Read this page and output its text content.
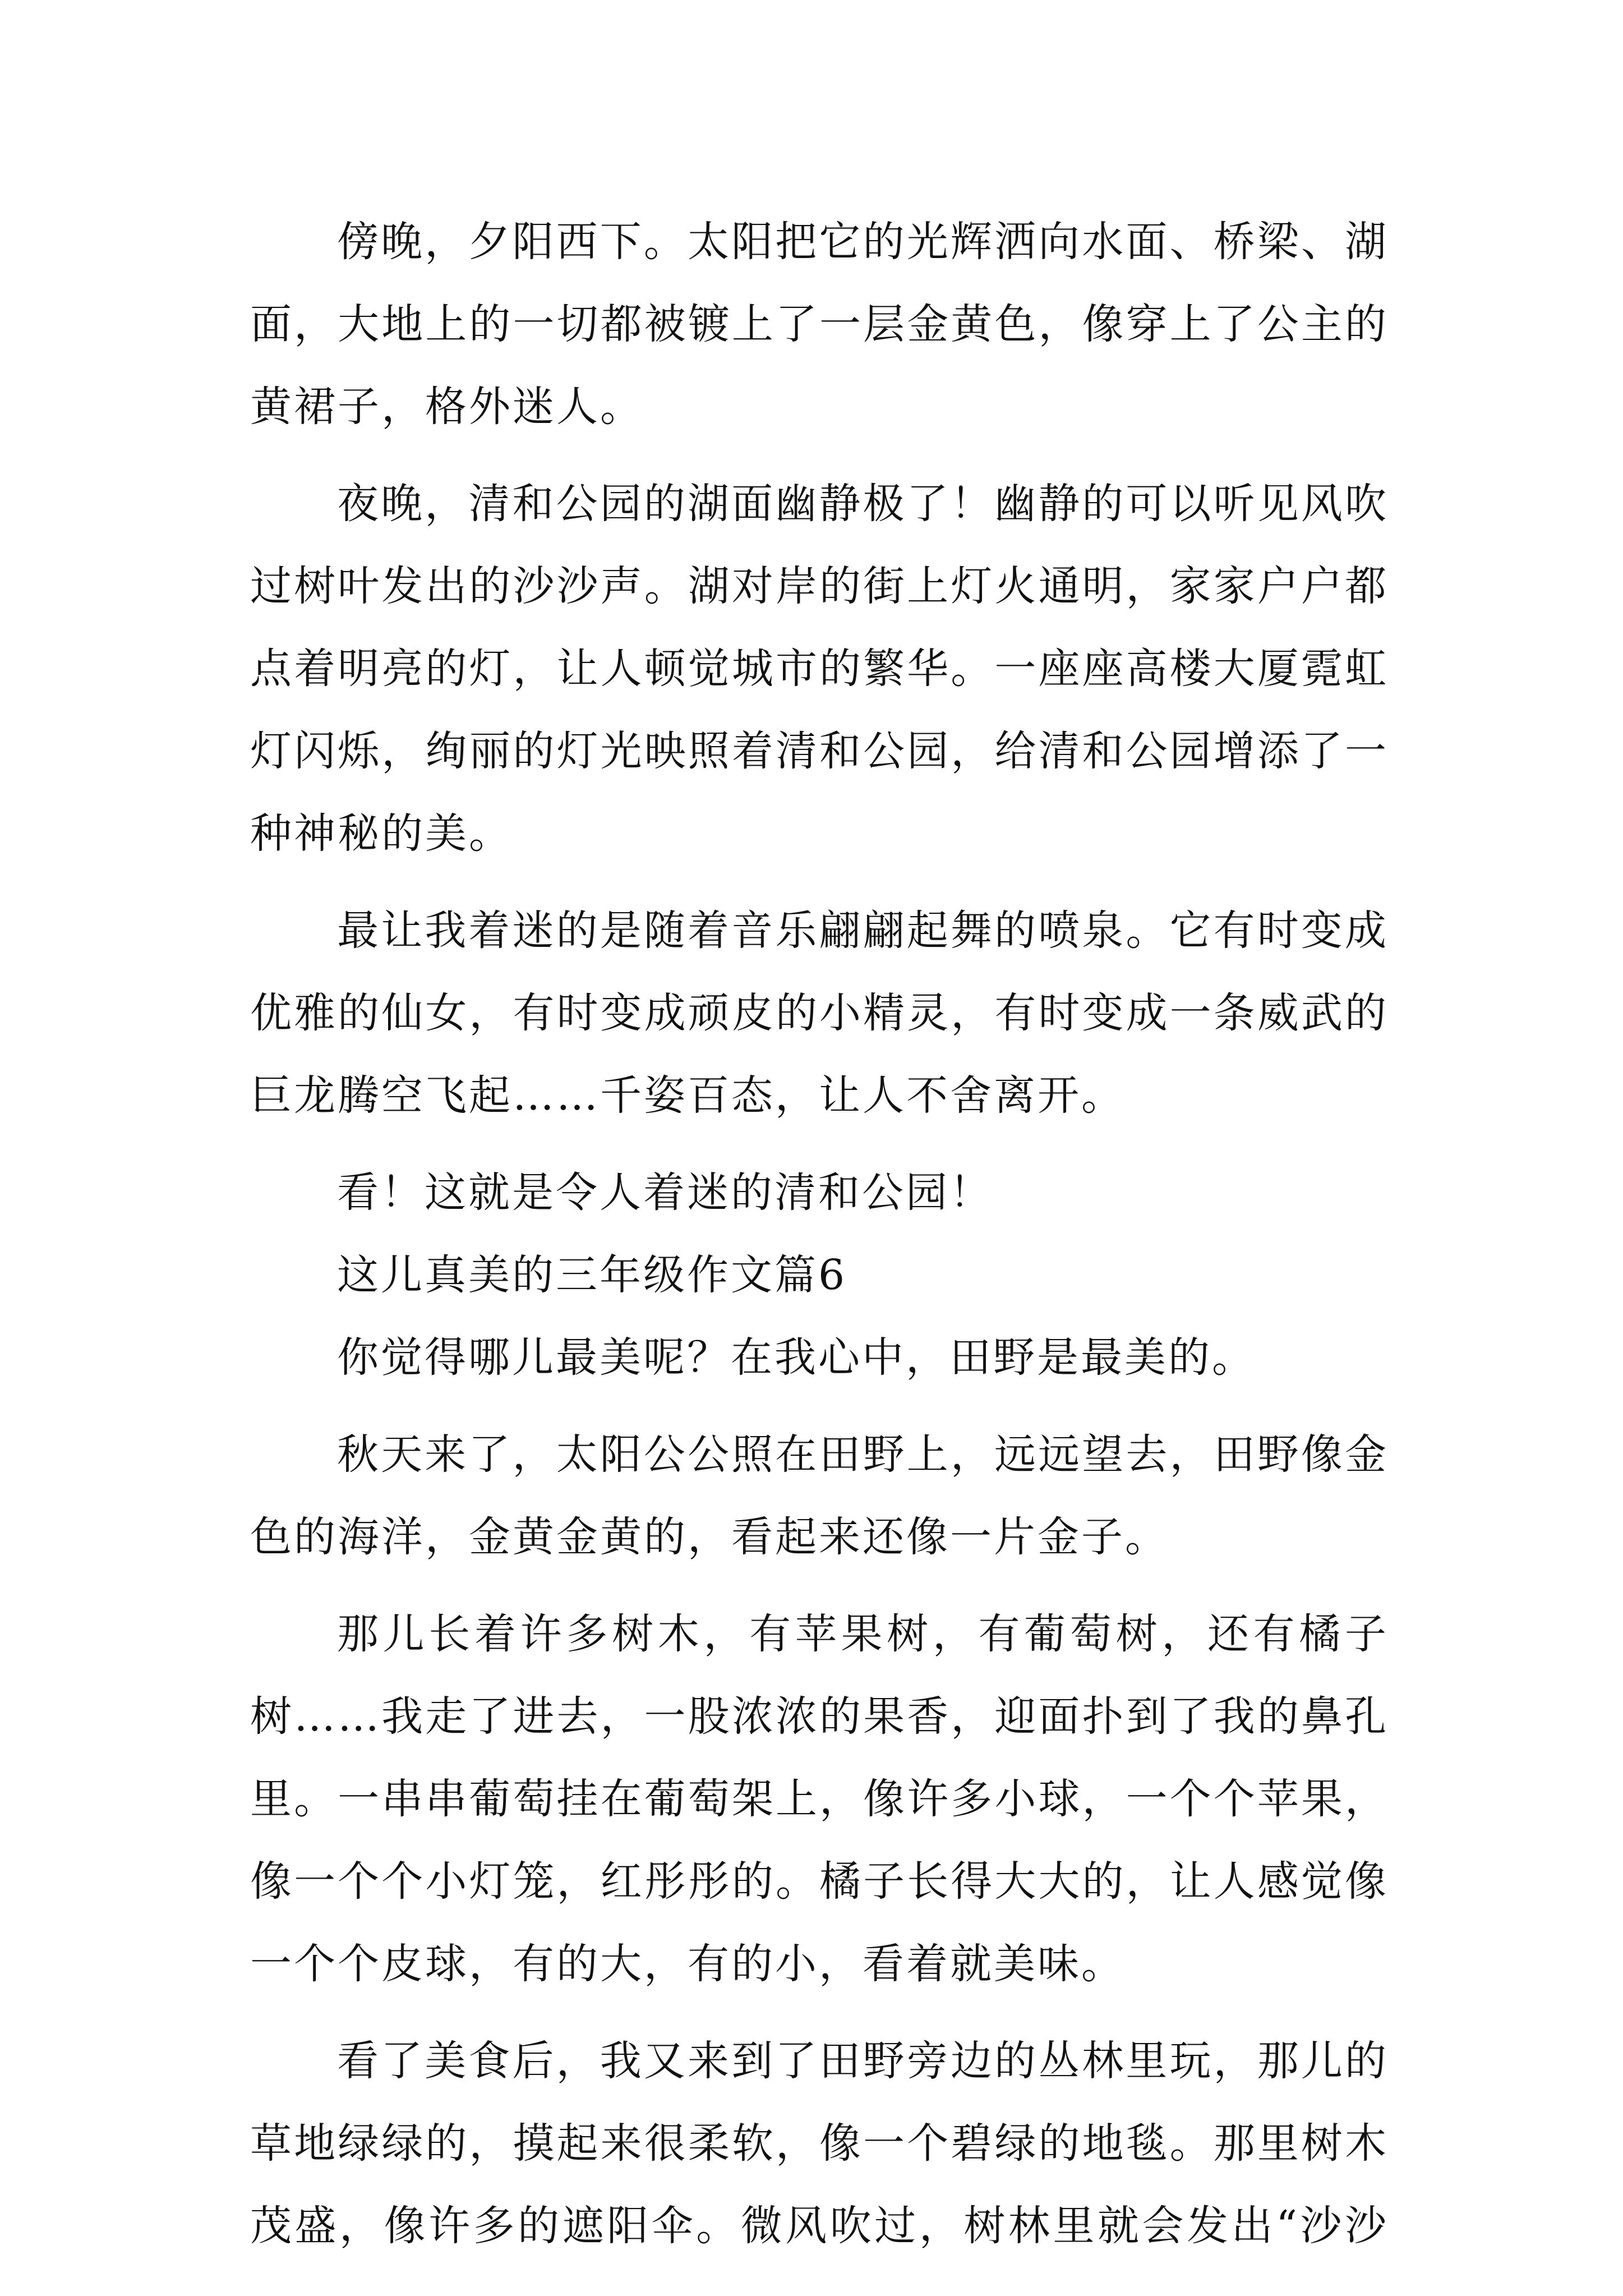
傍晚，夕阳西下。太阳把它的光辉洒向水面、桥梁、湖
面，大地上的一切都被镀上了一层金黄色，像穿上了公主的
黄裙子，格外迷人。
夜晚，清和公园的湖面幽静极了！幽静的可以听见风吹
过树叶发出的沙沙声。湖对岸的街上灯火通明，家家户户都
点着明亮的灯，让人顿觉城市的繁华。一座座高楼大厦霓虹
灯闪烁，绚丽的灯光映照着清和公园，给清和公园增添了一
种神秘的美。
最让我着迷的是随着音乐翩翩起舞的喷泉。它有时变成
优雅的仙女，有时变成顽皮的小精灵，有时变成一条威武的
巨龙腾空飞起……千姿百态，让人不舍离开。
看！这就是令人着迷的清和公园！
这儿真美的三年级作文篇6
你觉得哪儿最美呢？在我心中，田野是最美的。
秋天来了，太阳公公照在田野上，远远望去，田野像金
色的海洋，金黄金黄的，看起来还像一片金子。
那儿长着许多树木，有苹果树，有葡萄树，还有橘子
树……我走了进去，一股浓浓的果香，迎面扑到了我的鼻孔
里。一串串葡萄挂在葡萄架上，像许多小球，一个个苹果，
像一个个小灯笼，红彤彤的。橘子长得大大的，让人感觉像
一个个皮球，有的大，有的小，看着就美味。
看了美食后，我又来到了田野旁边的丛林里玩，那儿的
草地绿绿的，摸起来很柔软，像一个碧绿的地毯。那里树木
茂盛，像许多的遮阳伞。微风吹过，树林里就会发出“沙沙
